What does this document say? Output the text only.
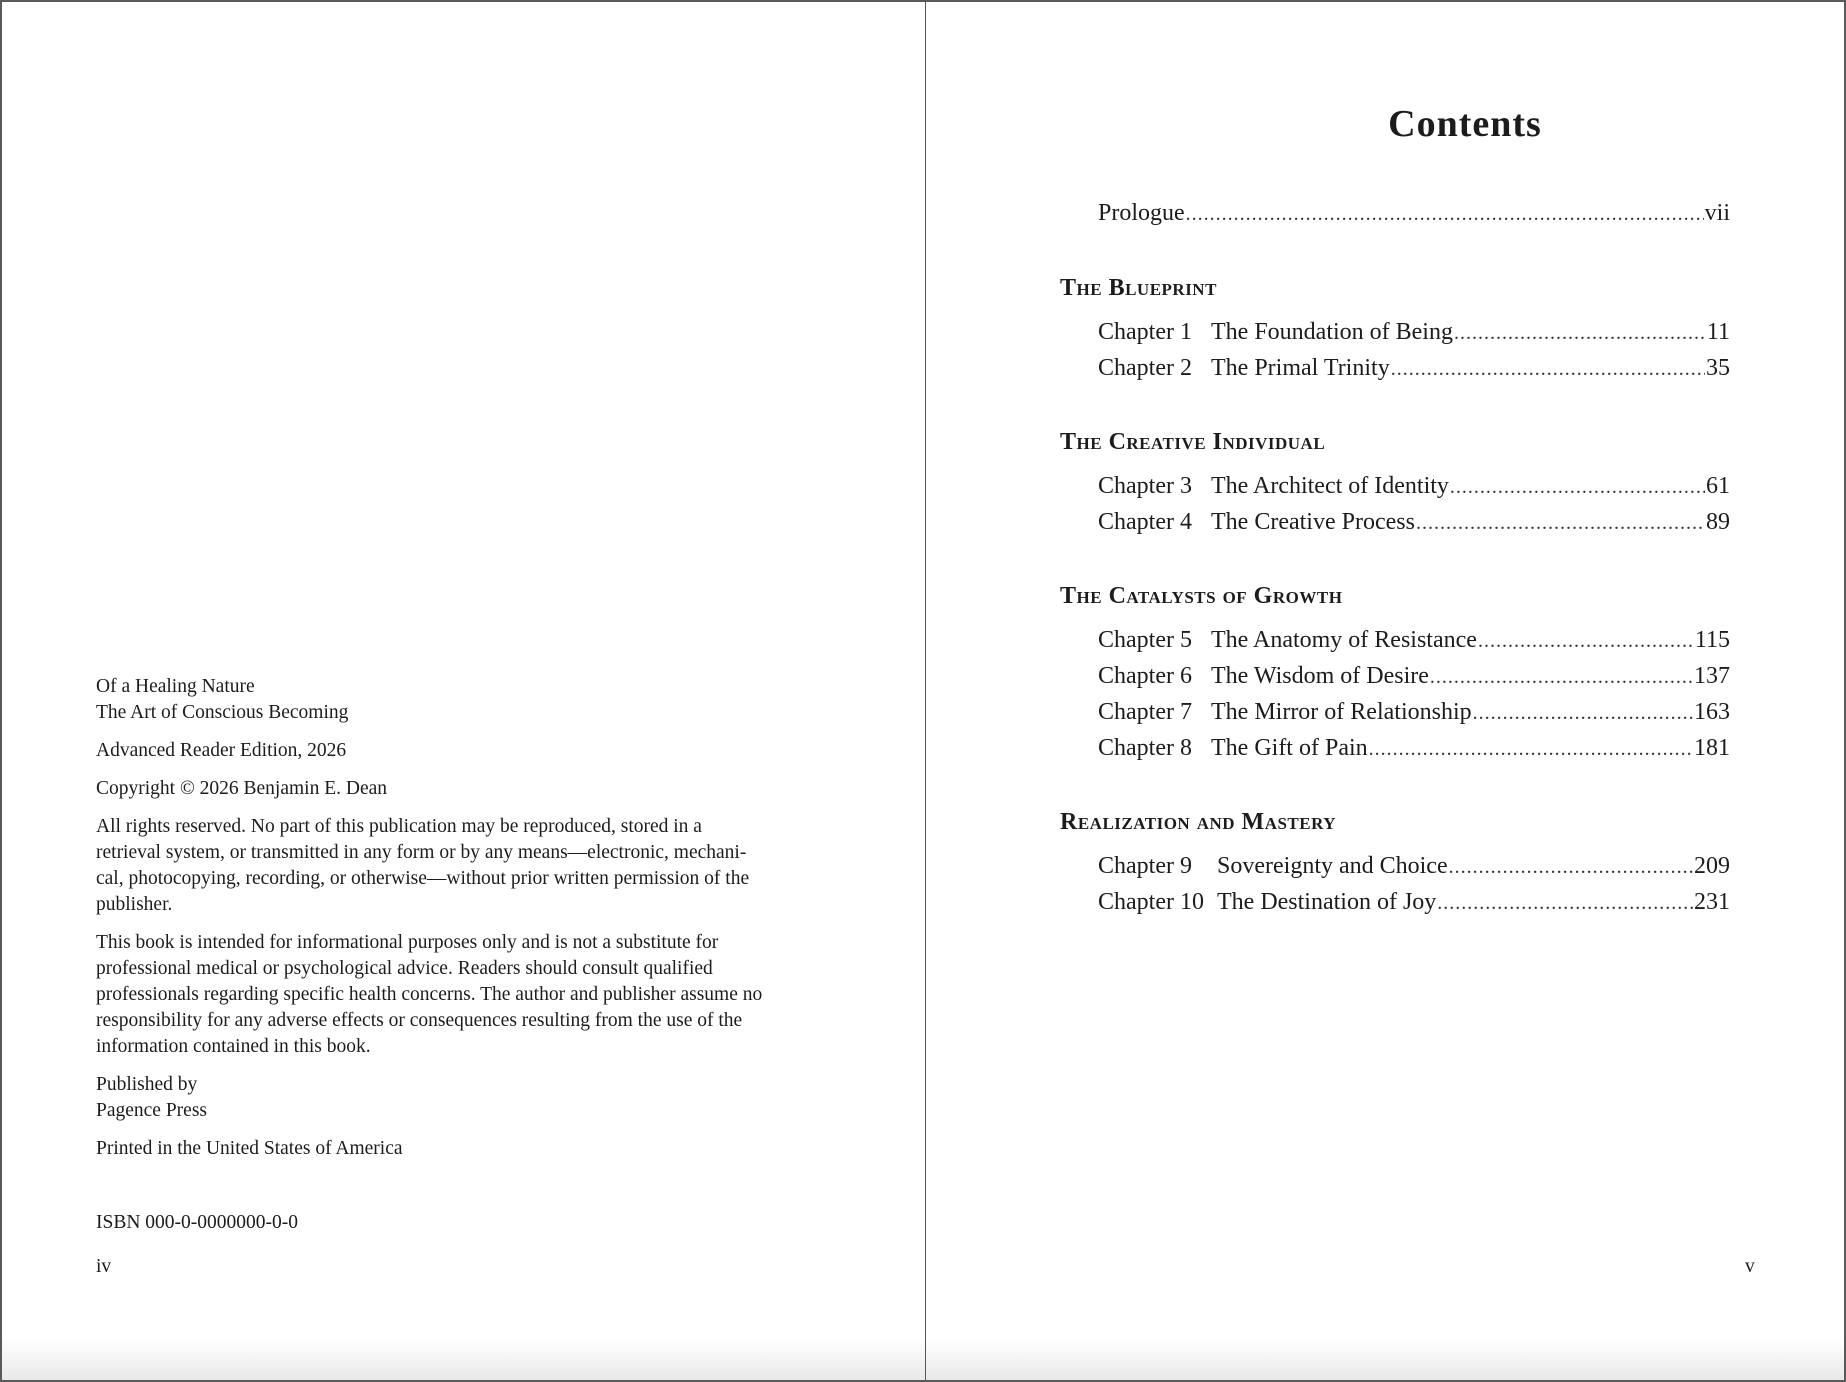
Of a Healing Nature
The Art of Conscious Becoming

Advanced Reader Edition, 2026

Copyright © 2026 Benjamin E. Dean

All rights reserved. No part of this publication may be reproduced, stored in a
retrieval system, or transmitted in any form or by any means—electronic, mechani-
cal, photocopying, recording, or otherwise—without prior written permission of the
publisher.

This book is intended for informational purposes only and is not a substitute for
professional medical or psychological advice. Readers should consult qualified
professionals regarding specific health concerns. The author and publisher assume no
responsibility for any adverse effects or consequences resulting from the use of the
information contained in this book.

Published by
Pagence Press

Printed in the United States of America

ISBN 000-0-0000000-0-0
iv
Contents
Prologue .....	vii
The Blueprint
Chapter 1 The Foundation of Being .....	11
Chapter 2 The Primal Trinity .....	35
The Creative Individual
Chapter 3 The Architect of Identity .....	61
Chapter 4 The Creative Process .....	89
The Catalysts of Growth
Chapter 5 The Anatomy of Resistance .....	115
Chapter 6 The Wisdom of Desire .....	137
Chapter 7 The Mirror of Relationship .....	163
Chapter 8 The Gift of Pain .....	181
Realization and Mastery
Chapter 9	Sovereignty and Choice .....	209
Chapter 10 The Destination of Joy .....	231
v
